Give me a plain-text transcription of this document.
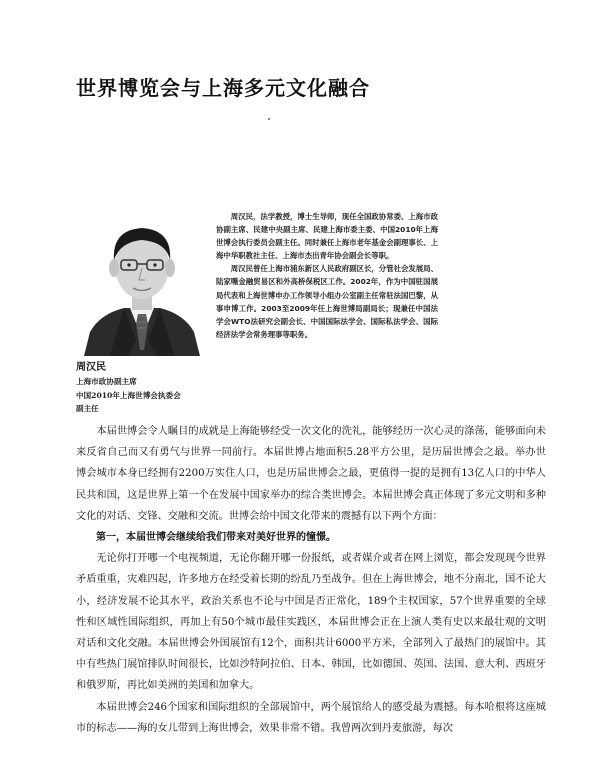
世界博览会与上海多元文化融合

周汉民，法学教授，博士生导师，现任全国政协常委、上海市政协副主席、民建中央副主席、民建上海市委主委、中国2010年上海世博会执行委员会副主任。同时兼任上海市老年基金会副理事长、上海中华职教社主任、上海市杰出青年协会副会长等职。

周汉民曾任上海市浦东新区人民政府副区长，分管社会发展局、陆家嘴金融贸易区和外高桥保税区工作。2002年，作为中国驻国展局代表和上海世博申办工作领导小组办公室副主任常驻法国巴黎，从事申博工作。2003至2009年任上海世博局副局长；现兼任中国法学会WTO法研究会副会长、中国国际法学会、国际私法学会、国际经济法学会常务理事等职务。

周汉民
上海市政协副主席
中国2010年上海世博会执委会
副主任

本届世博会令人瞩目的成就是上海能够经受一次文化的洗礼，能够经历一次心灵的涤荡，能够面向未来反省自己而又有勇气与世界一同前行。本届世博占地面积5.28平方公里，是历届世博会之最。举办世博会城市本身已经拥有2200万实住人口，也是历届世博会之最，更值得一提的是拥有13亿人口的中华人民共和国，这是世界上第一个在发展中国家举办的综合类世博会。本届世博会真正体现了多元文明和多种文化的对话、交锋、交融和交流。世博会给中国文化带来的震撼有以下两个方面：

第一，本届世博会继续给我们带来对美好世界的憧憬。

无论你打开哪一个电视频道，无论你翻开哪一份报纸，或者媒介或者在网上浏览，都会发现现今世界矛盾重重，灾难四起，许多地方在经受着长期的纷乱乃至战争。但在上海世博会，地不分南北，国不论大小，经济发展不论其水平，政治关系也不论与中国是否正常化，189个主权国家，57个世界重要的全球性和区域性国际组织，再加上有50个城市最佳实践区，本届世博会正在上演人类有史以来最壮观的文明对话和文化交融。本届世博会外国展馆有12个，面积共计6000平方米，全部列入了最热门的展馆中。其中有些热门展馆排队时间很长，比如沙特阿拉伯、日本、韩国，比如德国、英国、法国、意大利、西班牙和俄罗斯，再比如美洲的美国和加拿大。

本届世博会246个国家和国际组织的全部展馆中，两个展馆给人的感受最为震撼。每本哈根将这座城市的标志——海的女儿带到上海世博会，效果非常不错。我曾两次到丹麦旅游，每次
